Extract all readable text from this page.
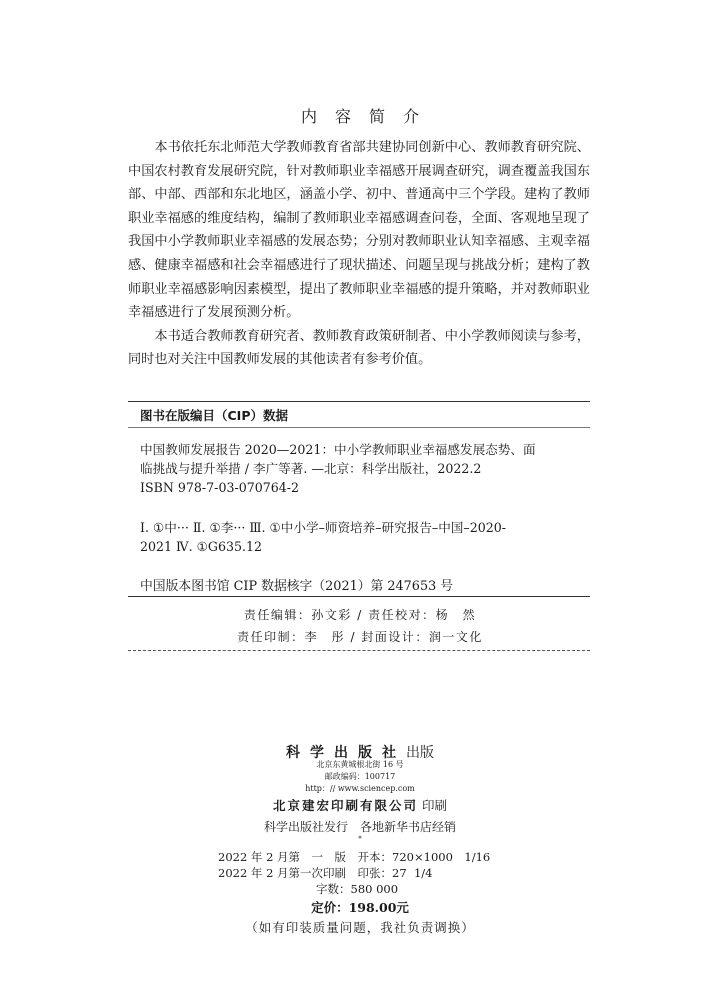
内容简介

本书依托东北师范大学教师教育省部共建协同创新中心、教师教育研究院、中国农村教育发展研究院，针对教师职业幸福感开展调查研究，调查覆盖我国东部、中部、西部和东北地区，涵盖小学、初中、普通高中三个学段。建构了教师职业幸福感的维度结构，编制了教师职业幸福感调查问卷，全面、客观地呈现了我国中小学教师职业幸福感的发展态势；分别对教师职业认知幸福感、主观幸福感、健康幸福感和社会幸福感进行了现状描述、问题呈现与挑战分析；建构了教师职业幸福感影响因素模型，提出了教师职业幸福感的提升策略，并对教师职业幸福感进行了发展预测分析。

本书适合教师教育研究者、教师教育政策研制者、中小学教师阅读与参考，同时也对关注中国教师发展的其他读者有参考价值。

图书在版编目（CIP）数据
中国教师发展报告 2020—2021：中小学教师职业幸福感发展态势、面
临挑战与提升举措 / 李广等著. —北京：科学出版社，2022.2
ISBN 978-7-03-070764-2
Ⅰ. ①中··· Ⅱ. ①李··· Ⅲ. ①中小学–师资培养–研究报告–中国–2020-
2021 Ⅳ. ①G635.12
中国版本图书馆 CIP 数据核字（2021）第 247653 号
责任编辑：孙文彩 / 责任校对：杨　然
责任印制：李　彤 / 封面设计：润一文化
科学出版社出版
北京东黄城根北街 16 号
邮政编码：100717
http：// www.sciencep.com
北京建宏印刷有限公司 印刷
科学出版社发行　各地新华书店经销
*
2022 年 2 月第　一　版　开本：720×1000　1/16
2022 年 2 月第一次印刷　印张：27  1/4
字数：580 000
定价：198.00元
（如有印装质量问题，我社负责调换）
